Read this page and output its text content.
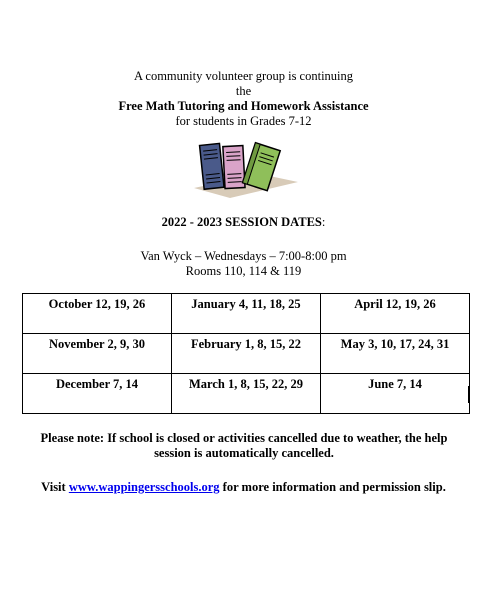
A community volunteer group is continuing
the
Free Math Tutoring and Homework Assistance
for students in Grades 7-12
2022 - 2023 SESSION DATES:
Van Wyck – Wednesdays – 7:00-8:00 pm
Rooms 110, 114 & 119
October 12, 19, 26	January 4, 11, 18, 25	April 12, 19, 26
November 2, 9, 30	February 1, 8, 15, 22	May 3, 10, 17, 24, 31
December 7, 14	March 1, 8, 15, 22, 29	June 7, 14
Please note: If school is closed or activities cancelled due to weather, the help
session is automatically cancelled.
Visit www.wappingersschools.org for more information and permission slip.
